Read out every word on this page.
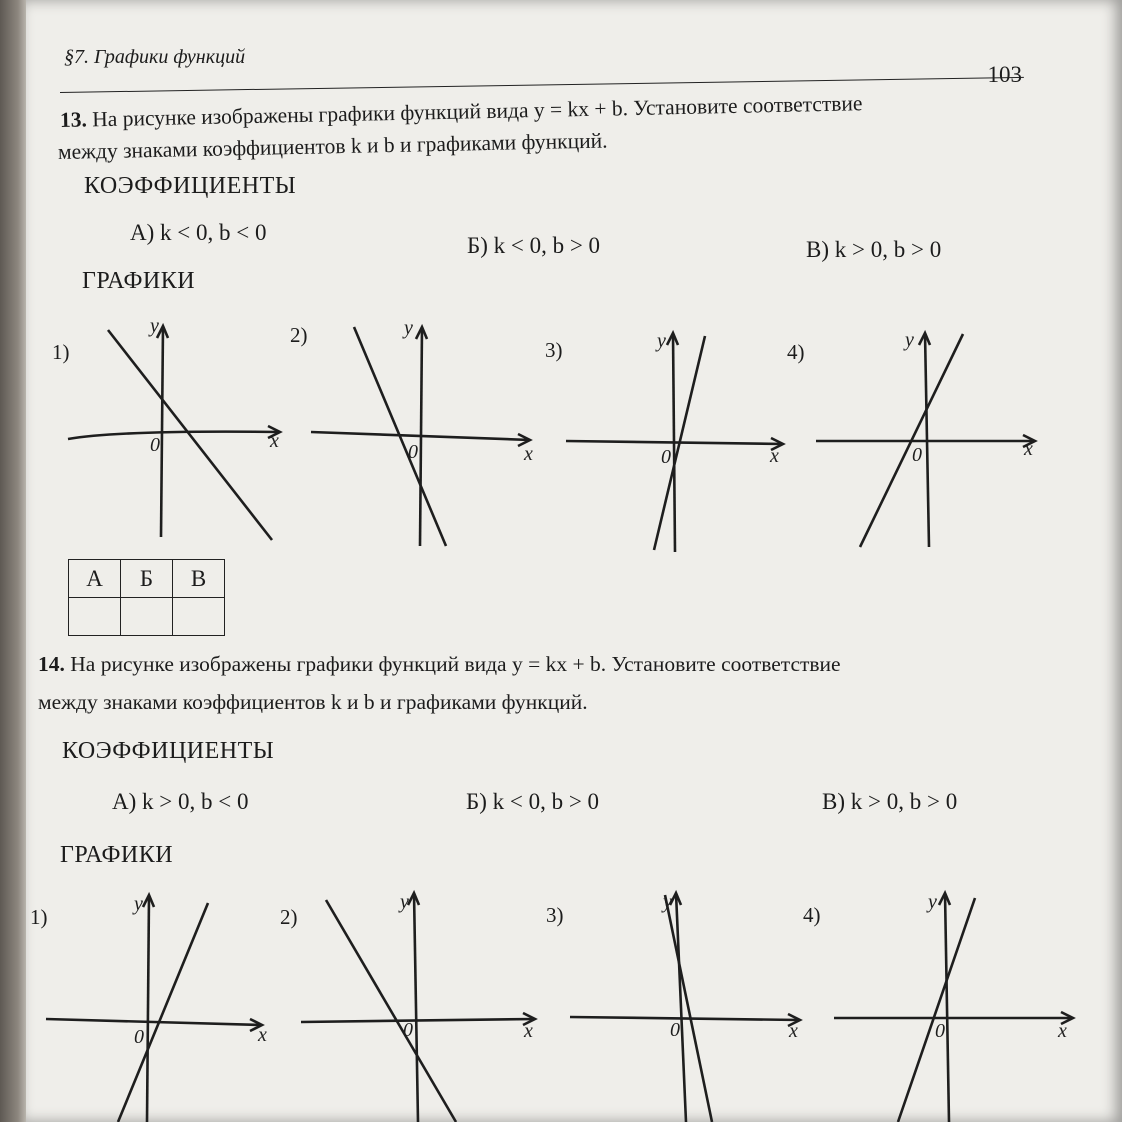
§7. Графики функций
103
13. На рисунке изображены графики функций вида y = kx + b. Установите соответствие
между знаками коэффициентов k и b и графиками функций.
КОЭФФИЦИЕНТЫ
А) k < 0, b < 0
Б) k < 0, b > 0	В) k > 0, b > 0
ГРАФИКИ
1)
2)
3)	4)
x
y
0	x
y
0	x
y
0	x
y
0
А	Б	В

14. На рисунке изображены графики функций вида y = kx + b. Установите соответствие
между знаками коэффициентов k и b и графиками функций.
КОЭФФИЦИЕНТЫ
А) k > 0, b < 0	Б) k < 0, b > 0	В) k > 0, b > 0
ГРАФИКИ
1)	2)	3)	4)
x
y
0	x
y
0	x
y
0	x
y
0
